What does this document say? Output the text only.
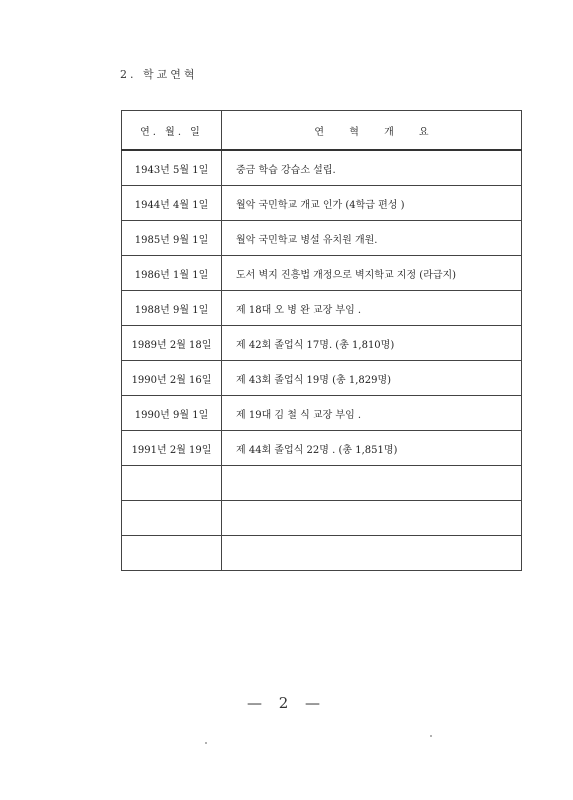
2. 학교연혁
연. 월. 일	연 혁 개 요
1943년 5월 1일	중금 학습 강습소 설립.
1944년 4월 1일	월악 국민학교 개교 인가 (4학급 편성 )
1985년 9월 1일	월악 국민학교 병설 유치원 개원.
1986년 1월 1일	도서 벽지 진흥법 개정으로 벽지학교 지정 (라급지)
1988년 9월 1일	제 18대 오 병 완 교장 부임 .
1989년 2월 18일	제 42회 졸업식 17명. (총 1,810명)
1990년 2월 16일	제 43회 졸업식 19명 (총 1,829명)
1990년 9월 1일	제 19대 김 철 식 교장 부임 .
1991년 2월 19일	제 44회 졸업식 22명 . (총 1,851명)

— 2 —
